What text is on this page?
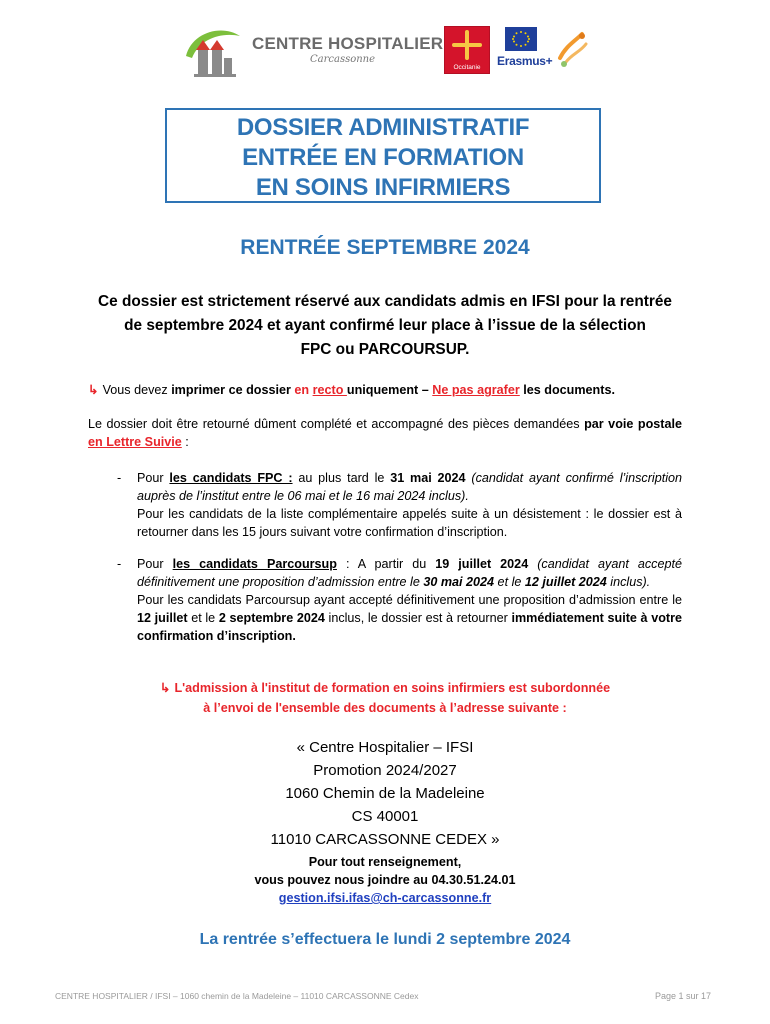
CENTRE HOSPITALIER
Carcassonne
Occitanie	Erasmus+
DOSSIER ADMINISTRATIF
ENTRÉE EN FORMATION
EN SOINS INFIRMIERS
RENTRÉE SEPTEMBRE 2024
Ce dossier est strictement réservé aux candidats admis en IFSI pour la rentrée
de septembre 2024 et ayant confirmé leur place à l’issue de la sélection
FPC ou PARCOURSUP.
↳ Vous devez imprimer ce dossier en recto uniquement – Ne pas agrafer les documents.
Le dossier doit être retourné dûment complété et accompagné des pièces demandées par voie postale en Lettre Suivie :
- Pour les candidats FPC : au plus tard le 31 mai 2024 (candidat ayant confirmé l’inscription auprès de l’institut entre le 06 mai et le 16 mai 2024 inclus).
Pour les candidats de la liste complémentaire appelés suite à un désistement : le dossier est à retourner dans les 15 jours suivant votre confirmation d’inscription.
- Pour les candidats Parcoursup : A partir du 19 juillet 2024 (candidat ayant accepté définitivement une proposition d’admission entre le 30 mai 2024 et le 12 juillet 2024 inclus).
Pour les candidats Parcoursup ayant accepté définitivement une proposition d’admission entre le 12 juillet et le 2 septembre 2024 inclus, le dossier est à retourner immédiatement suite à votre confirmation d’inscription.
↳ L'admission à l'institut de formation en soins infirmiers est subordonnée
à l’envoi de l'ensemble des documents à l’adresse suivante :
« Centre Hospitalier – IFSI
Promotion 2024/2027
1060 Chemin de la Madeleine
CS 40001
11010 CARCASSONNE CEDEX »
Pour tout renseignement,
vous pouvez nous joindre au 04.30.51.24.01
gestion.ifsi.ifas@ch-carcassonne.fr
La rentrée s’effectuera le lundi 2 septembre 2024
CENTRE HOSPITALIER / IFSI – 1060 chemin de la Madeleine – 11010 CARCASSONNE Cedex	Page 1 sur 17
